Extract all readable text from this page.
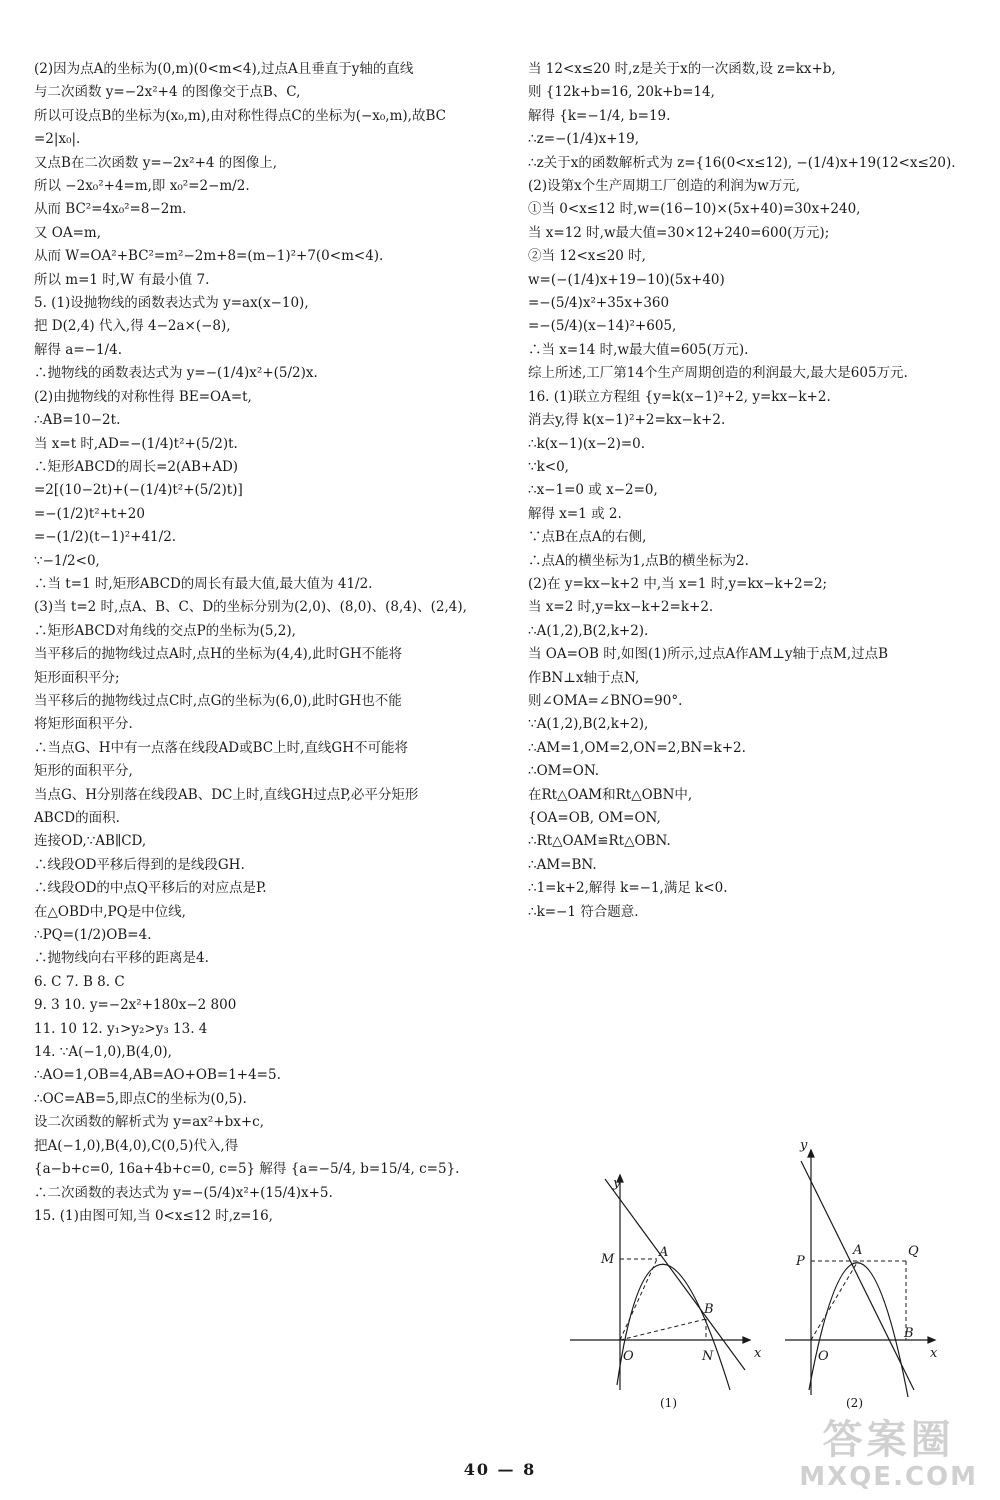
(2)因为点A的坐标为(0,m)(0<m<4),过点A且垂直于y轴的直线
与二次函数 y=−2x²+4 的图像交于点B、C,
所以可设点B的坐标为(x₀,m),由对称性得点C的坐标为(−x₀,m),故BC
=2|x₀|.
又点B在二次函数 y=−2x²+4 的图像上,
所以 −2x₀²+4=m,即 x₀²=2−m/2.
从而 BC²=4x₀²=8−2m.
又 OA=m,
从而 W=OA²+BC²=m²−2m+8=(m−1)²+7(0<m<4).
所以 m=1 时,W 有最小值 7.
5. (1)设抛物线的函数表达式为 y=ax(x−10),
把 D(2,4) 代入,得 4−2a×(−8),
解得 a=−1/4.
∴抛物线的函数表达式为 y=−(1/4)x²+(5/2)x.
(2)由抛物线的对称性得 BE=OA=t,
∴AB=10−2t.
当 x=t 时,AD=−(1/4)t²+(5/2)t.
∴矩形ABCD的周长=2(AB+AD)
=2[(10−2t)+(−(1/4)t²+(5/2)t)]
=−(1/2)t²+t+20
=−(1/2)(t−1)²+41/2.
∵−1/2<0,
∴当 t=1 时,矩形ABCD的周长有最大值,最大值为 41/2.
(3)当 t=2 时,点A、B、C、D的坐标分别为(2,0)、(8,0)、(8,4)、(2,4),
∴矩形ABCD对角线的交点P的坐标为(5,2),
当平移后的抛物线过点A时,点H的坐标为(4,4),此时GH不能将
矩形面积平分;
当平移后的抛物线过点C时,点G的坐标为(6,0),此时GH也不能
将矩形面积平分.
∴当点G、H中有一点落在线段AD或BC上时,直线GH不可能将
矩形的面积平分,
当点G、H分别落在线段AB、DC上时,直线GH过点P,必平分矩形
ABCD的面积.
连接OD,∵AB∥CD,
∴线段OD平移后得到的是线段GH.
∴线段OD的中点Q平移后的对应点是P.
在△OBD中,PQ是中位线,
∴PQ=(1/2)OB=4.
∴抛物线向右平移的距离是4.
6. C 7. B 8. C
9. 3 10. y=−2x²+180x−2 800
11. 10 12. y₁>y₂>y₃ 13. 4
14. ∵A(−1,0),B(4,0),
∴AO=1,OB=4,AB=AO+OB=1+4=5.
∴OC=AB=5,即点C的坐标为(0,5).
设二次函数的解析式为 y=ax²+bx+c,
把A(−1,0),B(4,0),C(0,5)代入,得
{a−b+c=0, 16a+4b+c=0, c=5} 解得 {a=−5/4, b=15/4, c=5}.
∴二次函数的表达式为 y=−(5/4)x²+(15/4)x+5.
15. (1)由图可知,当 0<x≤12 时,z=16,
当 12<x≤20 时,z是关于x的一次函数,设 z=kx+b,
则 {12k+b=16, 20k+b=14,
解得 {k=−1/4, b=19.
∴z=−(1/4)x+19,
∴z关于x的函数解析式为 z={16(0<x≤12), −(1/4)x+19(12<x≤20).
(2)设第x个生产周期工厂创造的利润为w万元,
①当 0<x≤12 时,w=(16−10)×(5x+40)=30x+240,
当 x=12 时,w最大值=30×12+240=600(万元);
②当 12<x≤20 时,
w=(−(1/4)x+19−10)(5x+40)
=−(5/4)x²+35x+360
=−(5/4)(x−14)²+605,
∴当 x=14 时,w最大值=605(万元).
综上所述,工厂第14个生产周期创造的利润最大,最大是605万元.
16. (1)联立方程组 {y=k(x−1)²+2, y=kx−k+2.
消去y,得 k(x−1)²+2=kx−k+2.
∴k(x−1)(x−2)=0.
∵k<0,
∴x−1=0 或 x−2=0,
解得 x=1 或 2.
∵点B在点A的右侧,
∴点A的横坐标为1,点B的横坐标为2.
(2)在 y=kx−k+2 中,当 x=1 时,y=kx−k+2=2;
当 x=2 时,y=kx−k+2=k+2.
∴A(1,2),B(2,k+2).
当 OA=OB 时,如图(1)所示,过点A作AM⊥y轴于点M,过点B
作BN⊥x轴于点N,
则∠OMA=∠BNO=90°.
∵A(1,2),B(2,k+2),
∴AM=1,OM=2,ON=2,BN=k+2.
∴OM=ON.
在Rt△OAM和Rt△OBN中,
{OA=OB, OM=ON,
∴Rt△OAM≌Rt△OBN.
∴AM=BN.
∴1=k+2,解得 k=−1,满足 k<0.
∴k=−1 符合题意.
y
x
M	A
B
O	N
(1)
y
x
P
A	Q
B
O
(2)
40 — 8
答案圈
MXQE.COM
